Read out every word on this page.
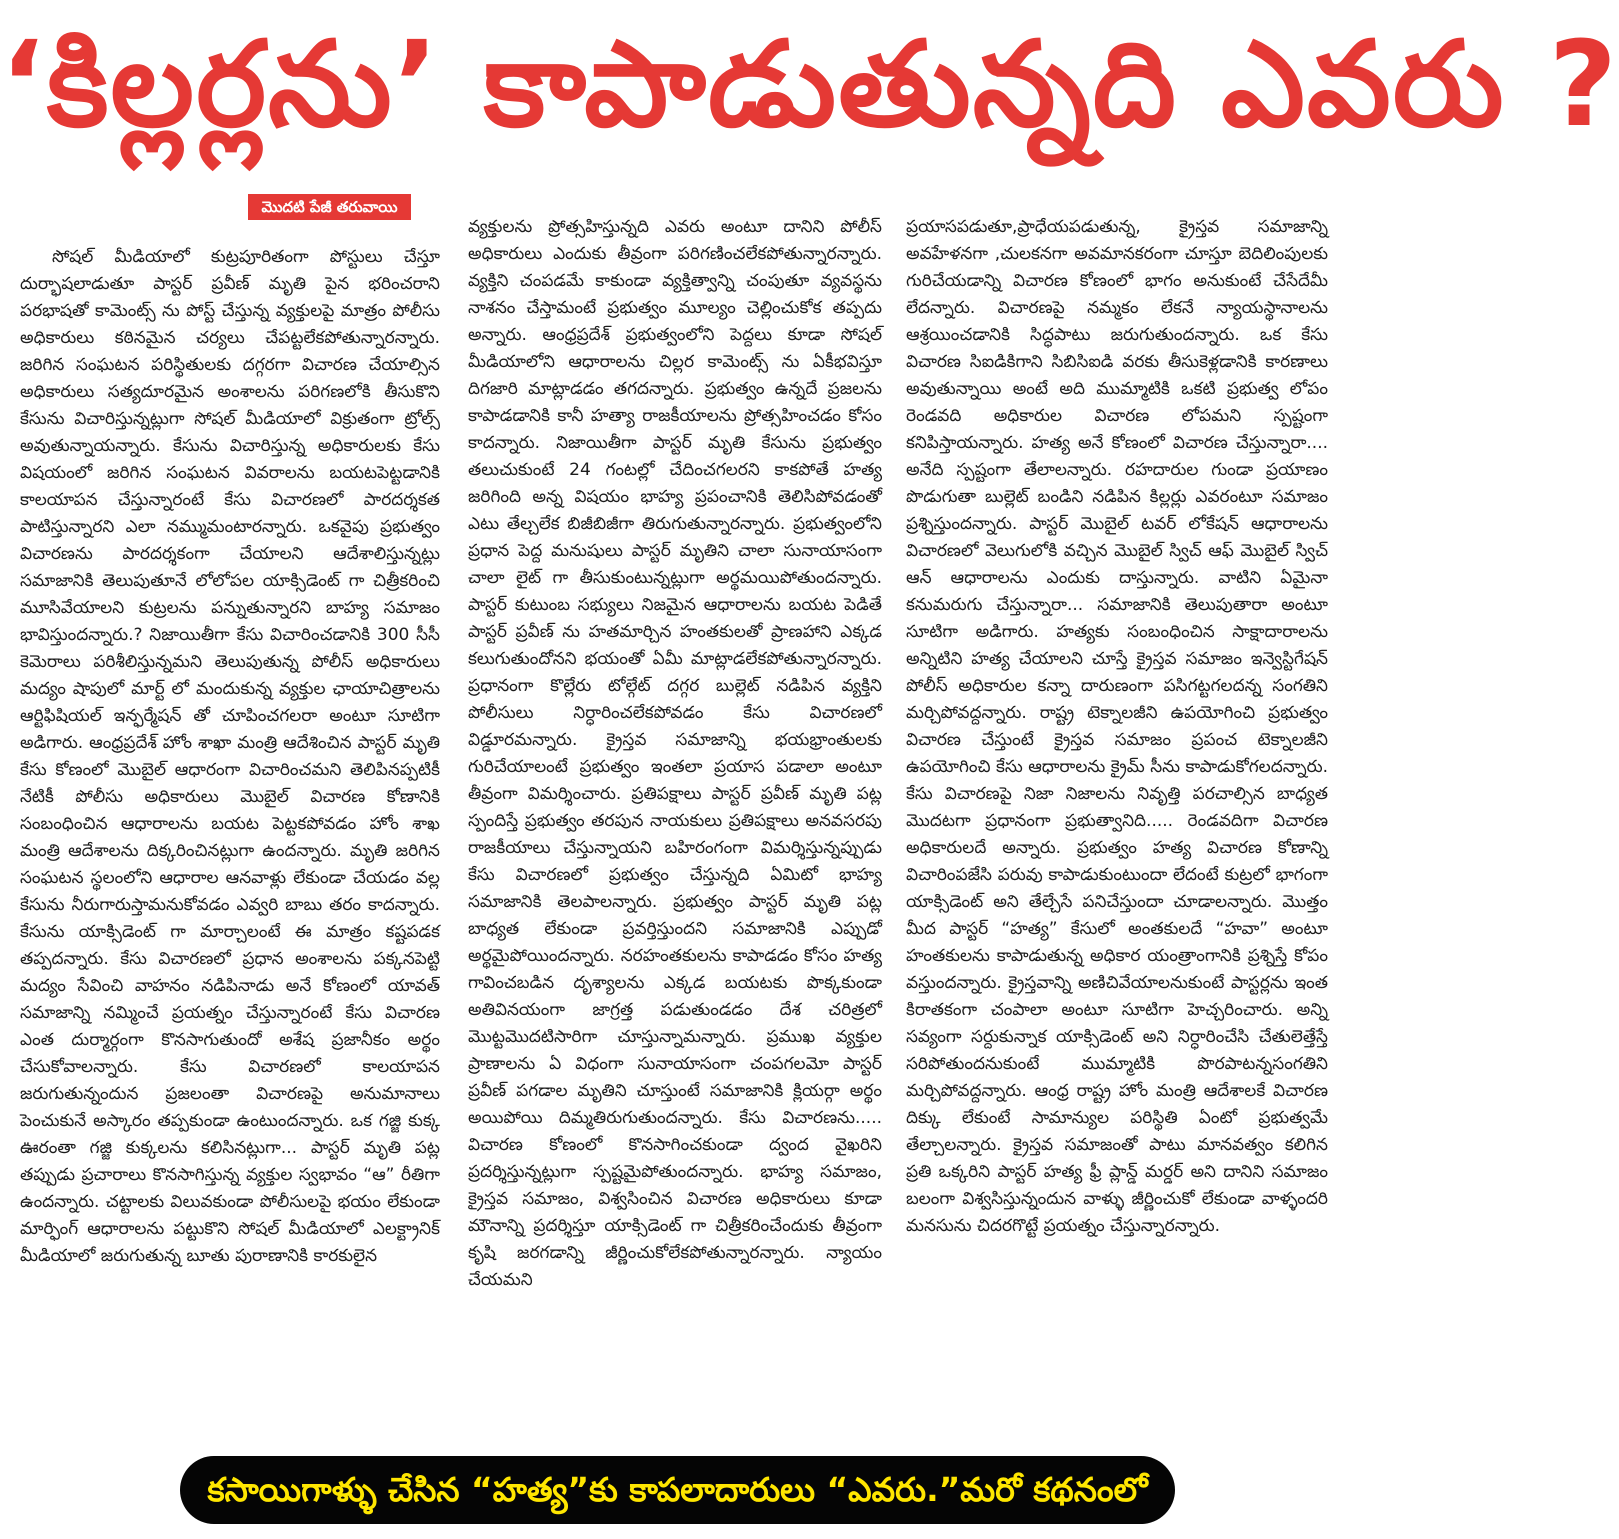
‘కిల్లర్లను’ కాపాడుతున్నది ఎవరు ?
మొదటి పేజీ తరువాయి

సోషల్ మీడియాలో కుట్రపూరితంగా పోస్టులు చేస్తూ దుర్భాషలాడుతూ పాస్టర్ ప్రవీణ్ మృతి పైన భరించరాని పరభాషతో కామెంట్స్ ను పోస్ట్ చేస్తున్న వ్యక్తులపై మాత్రం పోలీసు అధికారులు కఠినమైన చర్యలు చేపట్టలేకపోతున్నారన్నారు. జరిగిన సంఘటన పరిస్థితులకు దగ్గరగా విచారణ చేయాల్సిన అధికారులు సత్యదూరమైన అంశాలను పరిగణలోకి తీసుకొని కేసును విచారిస్తున్నట్లుగా సోషల్ మీడియాలో విక్రుతంగా ట్రోల్స్ అవుతున్నాయన్నారు. కేసును విచారిస్తున్న అధికారులకు కేసు విషయంలో జరిగిన సంఘటన వివరాలను బయటపెట్టడానికి కాలయాపన చేస్తున్నారంటే కేసు విచారణలో పారదర్శకత పాటిస్తున్నారని ఎలా నమ్ముమంటారన్నారు. ఒకవైపు ప్రభుత్వం విచారణను పారదర్శకంగా చేయాలని ఆదేశాలిస్తున్నట్లు సమాజానికి తెలుపుతూనే లోలోపల యాక్సిడెంట్ గా చిత్రీకరించి మూసివేయాలని కుట్రలను పన్నుతున్నారని బాహ్య సమాజం భావిస్తుందన్నారు.? నిజాయితీగా కేసు విచారించడానికి 300 సీసీ కెమెరాలు పరిశీలిస్తున్నమని తెలుపుతున్న పోలీస్ అధికారులు మద్యం షాపులో మార్ట్ లో మందుకున్న వ్యక్తుల ఛాయాచిత్రాలను ఆర్టిఫిషియల్ ఇన్ఫర్మేషన్ తో చూపించగలరా అంటూ సూటిగా అడిగారు. ఆంధ్రప్రదేశ్ హోం శాఖా మంత్రి ఆదేశించిన పాస్టర్ మృతి కేసు కోణంలో మొబైల్ ఆధారంగా విచారించమని తెలిపినప్పటికీ నేటికీ పోలీసు అధికారులు మొబైల్ విచారణ కోణానికి సంబంధించిన ఆధారాలను బయట పెట్టకపోవడం హోం శాఖ మంత్రి ఆదేశాలను దిక్కరించినట్లుగా ఉందన్నారు. మృతి జరిగిన సంఘటన స్థలంలోని ఆధారాల ఆనవాళ్లు లేకుండా చేయడం వల్ల కేసును నీరుగారుస్తామనుకోవడం ఎవ్వరి బాబు తరం కాదన్నారు. కేసును యాక్సిడెంట్ గా మార్చాలంటే ఈ మాత్రం కష్టపడక తప్పదన్నారు. కేసు విచారణలో ప్రధాన అంశాలను పక్కనపెట్టి మద్యం సేవించి వాహనం నడిపినాడు అనే కోణంలో యావత్ సమాజాన్ని నమ్మించే ప్రయత్నం చేస్తున్నారంటే కేసు విచారణ ఎంత దుర్మార్గంగా కొనసాగుతుందో అశేష ప్రజానీకం అర్థం చేసుకోవాలన్నారు. కేసు విచారణలో కాలయాపన జరుగుతున్నందున ప్రజలంతా విచారణపై అనుమానాలు పెంచుకునే అస్కారం తప్పకుండా ఉంటుందన్నారు. ఒక గజ్జి కుక్క ఊరంతా గజ్జి కుక్కలను కలిసినట్లుగా... పాస్టర్ మృతి పట్ల తప్పుడు ప్రచారాలు కొనసాగిస్తున్న వ్యక్తుల స్వభావం “ఆ” రీతిగా ఉందన్నారు. చట్టాలకు విలువకుండా పోలీసులపై భయం లేకుండా మార్ఫింగ్ ఆధారాలను పట్టుకొని సోషల్ మీడియాలో ఎలక్ట్రానిక్ మీడియాలో జరుగుతున్న బూతు పురాణానికి కారకులైన

వ్యక్తులను ప్రోత్సహిస్తున్నది ఎవరు అంటూ దానిని పోలీస్ అధికారులు ఎందుకు తీవ్రంగా పరిగణించలేకపోతున్నారన్నారు. వ్యక్తిని చంపడమే కాకుండా వ్యక్తిత్వాన్ని చంపుతూ వ్యవస్థను నాశనం చేస్తామంటే ప్రభుత్వం మూల్యం చెల్లించుకోక తప్పదు అన్నారు. ఆంధ్రప్రదేశ్ ప్రభుత్వంలోని పెద్దలు కూడా సోషల్ మీడియాలోని ఆధారాలను చిల్లర కామెంట్స్ ను ఏకీభవిస్తూ దిగజారి మాట్లాడడం తగదన్నారు. ప్రభుత్వం ఉన్నదే ప్రజలను కాపాడడానికి కానీ హత్యా రాజకీయాలను ప్రోత్సహించడం కోసం కాదన్నారు. నిజాయితీగా పాస్టర్ మృతి కేసును ప్రభుత్వం తలుచుకుంటే 24 గంటల్లో చేదించగలరని కాకపోతే హత్య జరిగింది అన్న విషయం భాహ్య ప్రపంచానికి తెలిసిపోవడంతో ఎటు తేల్చలేక బిజీబిజీగా తిరుగుతున్నారన్నారు. ప్రభుత్వంలోని ప్రధాన పెద్ద మనుషులు పాస్టర్ మృతిని చాలా సునాయాసంగా చాలా లైట్ గా తీసుకుంటున్నట్లుగా అర్థమయిపోతుందన్నారు. పాస్టర్ కుటుంబ సభ్యులు నిజమైన ఆధారాలను బయట పెడితే పాస్టర్ ప్రవీణ్ ను హతమార్చిన హంతకులతో ప్రాణహాని ఎక్కడ కలుగుతుందోనని భయంతో ఏమీ మాట్లాడలేకపోతున్నారన్నారు. ప్రధానంగా కొల్లేరు టోల్గేట్ దగ్గర బుల్లెట్ నడిపిన వ్యక్తిని పోలీసులు నిర్ధారించలేకపోవడం కేసు విచారణలో విడ్డూరమన్నారు. క్రైస్తవ సమాజాన్ని భయభ్రాంతులకు గురిచేయాలంటే ప్రభుత్వం ఇంతలా ప్రయాస పడాలా అంటూ తీవ్రంగా విమర్శించారు. ప్రతిపక్షాలు పాస్టర్ ప్రవీణ్ మృతి పట్ల స్పందిస్తే ప్రభుత్వం తరపున నాయకులు ప్రతిపక్షాలు అనవసరపు రాజకీయాలు చేస్తున్నాయని బహిరంగంగా విమర్శిస్తున్నప్పుడు కేసు విచారణలో ప్రభుత్వం చేస్తున్నది ఏమిటో భాహ్య సమాజానికి తెలపాలన్నారు. ప్రభుత్వం పాస్టర్ మృతి పట్ల బాధ్యత లేకుండా ప్రవర్తిస్తుందని సమాజానికి ఎప్పుడో అర్థమైపోయిందన్నారు. నరహంతకులను కాపాడడం కోసం హత్య గావించబడిన దృశ్యాలను ఎక్కడ బయటకు పొక్కకుండా అతివినయంగా జాగ్రత్త పడుతుండడం దేశ చరిత్రలో మొట్టమొదటిసారిగా చూస్తున్నామన్నారు. ప్రముఖ వ్యక్తుల ప్రాణాలను ఏ విధంగా సునాయాసంగా చంపగలమో పాస్టర్ ప్రవీణ్ పగడాల మృతిని చూస్తుంటే సమాజానికి క్లియర్గా అర్థం అయిపోయి దిమ్మతిరుగుతుందన్నారు. కేసు విచారణను..... విచారణ కోణంలో కొనసాగించకుండా ద్వంద వైఖరిని ప్రదర్శిస్తున్నట్లుగా స్పష్టమైపోతుందన్నారు. భాహ్య సమాజం, క్రైస్తవ సమాజం, విశ్వసించిన విచారణ అధికారులు కూడా మౌనాన్ని ప్రదర్శిస్తూ యాక్సిడెంట్ గా చిత్రీకరించేందుకు తీవ్రంగా కృషి జరగడాన్ని జీర్ణించుకోలేకపోతున్నారన్నారు. న్యాయం చేయమని

ప్రయాసపడుతూ,ప్రాధేయపడుతున్న, క్రైస్తవ సమాజాన్ని అవహేళనగా ,చులకనగా అవమానకరంగా చూస్తూ బెదిలింపులకు గురిచేయడాన్ని విచారణ కోణంలో భాగం అనుకుంటే చేసేదేమీ లేదన్నారు. విచారణపై నమ్మకం లేకనే న్యాయస్థానాలను ఆశ్రయించడానికి సిద్ధపాటు జరుగుతుందన్నారు. ఒక కేసు విచారణ సిఐడికిగాని సిబిసిఐడి వరకు తీసుకెళ్లడానికి కారణాలు అవుతున్నాయి అంటే అది ముమ్మాటికి ఒకటి ప్రభుత్వ లోపం రెండవది అధికారుల విచారణ లోపమని స్పష్టంగా కనిపిస్తాయన్నారు. హత్య అనే కోణంలో విచారణ చేస్తున్నారా.... అనేది స్పష్టంగా తేలాలన్నారు. రహదారుల గుండా ప్రయాణం పొడుగుతా బుల్లెట్ బండిని నడిపిన కిల్లర్లు ఎవరంటూ సమాజం ప్రశ్నిస్తుందన్నారు. పాస్టర్ మొబైల్ టవర్ లోకేషన్ ఆధారాలను విచారణలో వెలుగులోకి వచ్చిన మొబైల్ స్విచ్ ఆఫ్ మొబైల్ స్విచ్ ఆన్ ఆధారాలను ఎందుకు దాస్తున్నారు. వాటిని ఏమైనా కనుమరుగు చేస్తున్నారా... సమాజానికి తెలుపుతారా అంటూ సూటిగా అడిగారు. హత్యకు సంబంధించిన సాక్షాదారాలను అన్నిటిని హత్య చేయాలని చూస్తే క్రైస్తవ సమాజం ఇన్వెస్టిగేషన్ పోలీస్ అధికారుల కన్నా దారుణంగా పసిగట్టగలదన్న సంగతిని మర్చిపోవద్దన్నారు. రాష్ట్ర టెక్నాలజీని ఉపయోగించి ప్రభుత్వం విచారణ చేస్తుంటే క్రైస్తవ సమాజం ప్రపంచ టెక్నాలజీని ఉపయోగించి కేసు ఆధారాలను క్రైమ్ సీను కాపాడుకోగలదన్నారు. కేసు విచారణపై నిజా నిజాలను నివృత్తి పరచాల్సిన బాధ్యత మొదటగా ప్రధానంగా ప్రభుత్వానిది..... రెండవదిగా విచారణ అధికారులదే అన్నారు. ప్రభుత్వం హత్య విచారణ కోణాన్ని విచారింపజేసి పరువు కాపాడుకుంటుందా లేదంటే కుట్రలో భాగంగా యాక్సిడెంట్ అని తేల్చేసే పనిచేస్తుందా చూడాలన్నారు. మొత్తం మీద పాస్టర్ “హత్య” కేసులో అంతకులదే “హవా” అంటూ హంతకులను కాపాడుతున్న అధికార యంత్రాంగానికి ప్రశ్నిస్తే కోపం వస్తుందన్నారు. క్రైస్తవాన్ని అణిచివేయాలనుకుంటే పాస్టర్లను ఇంత కిరాతకంగా చంపాలా అంటూ సూటిగా హెచ్చరించారు. అన్ని సవ్యంగా సర్దుకున్నాక యాక్సిడెంట్ అని నిర్ధారించేసి చేతులెత్తేస్తే సరిపోతుందనుకుంటే ముమ్మాటికి పొరపాటన్నసంగతిని మర్చిపోవద్దన్నారు. ఆంధ్ర రాష్ట్ర హోం మంత్రి ఆదేశాలకే విచారణ దిక్కు లేకుంటే సామాన్యుల పరిస్థితి ఏంటో ప్రభుత్వమే తేల్చాలన్నారు. క్రైస్తవ సమాజంతో పాటు మానవత్వం కలిగిన ప్రతి ఒక్కరిని పాస్టర్ హత్య ఫ్రీ ప్లాన్డ్ మర్డర్ అని దానిని సమాజం బలంగా విశ్వసిస్తున్నందున వాళ్ళు జీర్ణించుకో లేకుండా వాళ్ళందరి మనసును చిదరగొట్టే ప్రయత్నం చేస్తున్నారన్నారు.

కసాయిగాళ్ళు చేసిన “హత్య”కు కాపలాదారులు “ఎవరు.”మరో కథనంలో
